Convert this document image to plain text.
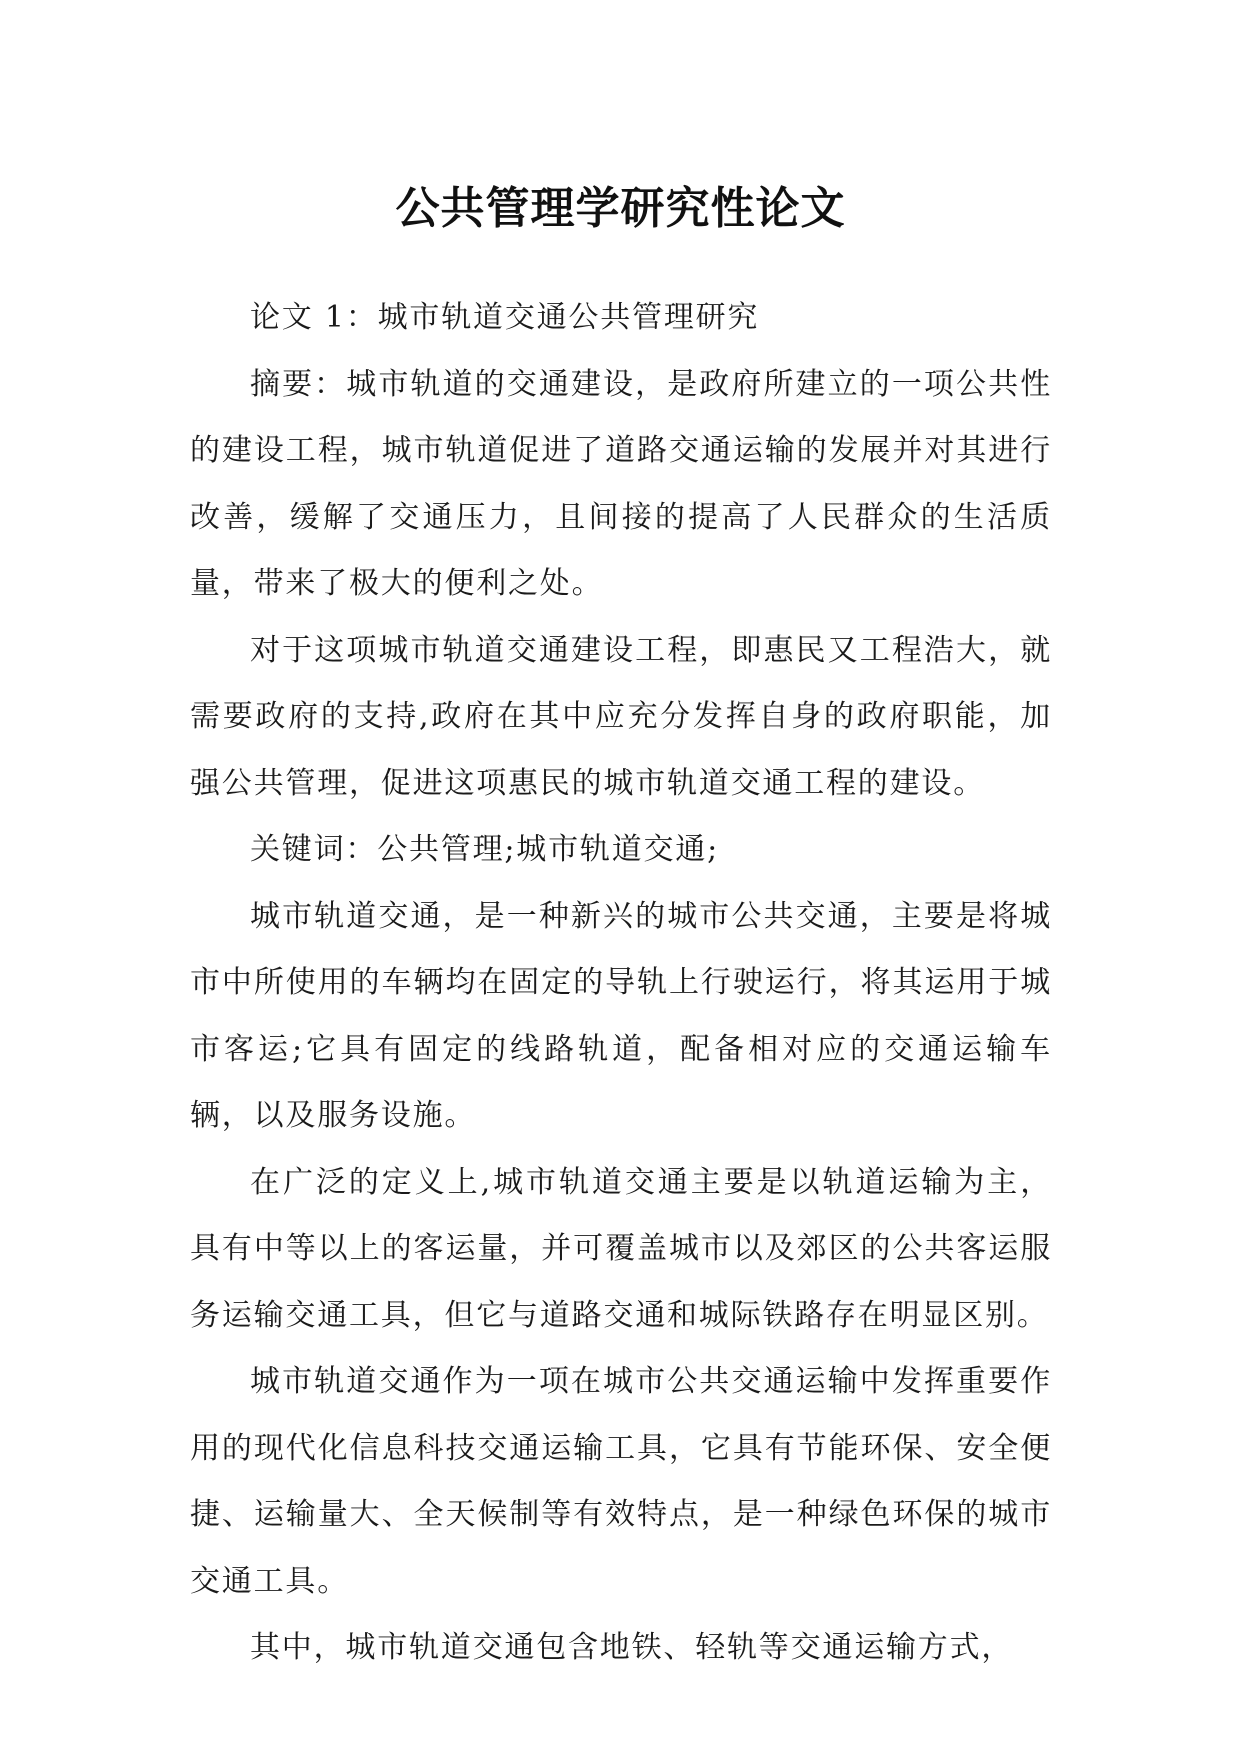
公共管理学研究性论文

论文 1：城市轨道交通公共管理研究

摘要：城市轨道的交通建设，是政府所建立的一项公共性的建设工程，城市轨道促进了道路交通运输的发展并对其进行改善，缓解了交通压力，且间接的提高了人民群众的生活质量，带来了极大的便利之处。

对于这项城市轨道交通建设工程，即惠民又工程浩大，就需要政府的支持,政府在其中应充分发挥自身的政府职能，加强公共管理，促进这项惠民的城市轨道交通工程的建设。

关键词：公共管理;城市轨道交通;

城市轨道交通，是一种新兴的城市公共交通，主要是将城市中所使用的车辆均在固定的导轨上行驶运行，将其运用于城市客运;它具有固定的线路轨道，配备相对应的交通运输车辆，以及服务设施。

在广泛的定义上,城市轨道交通主要是以轨道运输为主，具有中等以上的客运量，并可覆盖城市以及郊区的公共客运服务运输交通工具，但它与道路交通和城际铁路存在明显区别。

城市轨道交通作为一项在城市公共交通运输中发挥重要作用的现代化信息科技交通运输工具，它具有节能环保、安全便捷、运输量大、全天候制等有效特点，是一种绿色环保的城市交通工具。

其中，城市轨道交通包含地铁、轻轨等交通运输方式，
